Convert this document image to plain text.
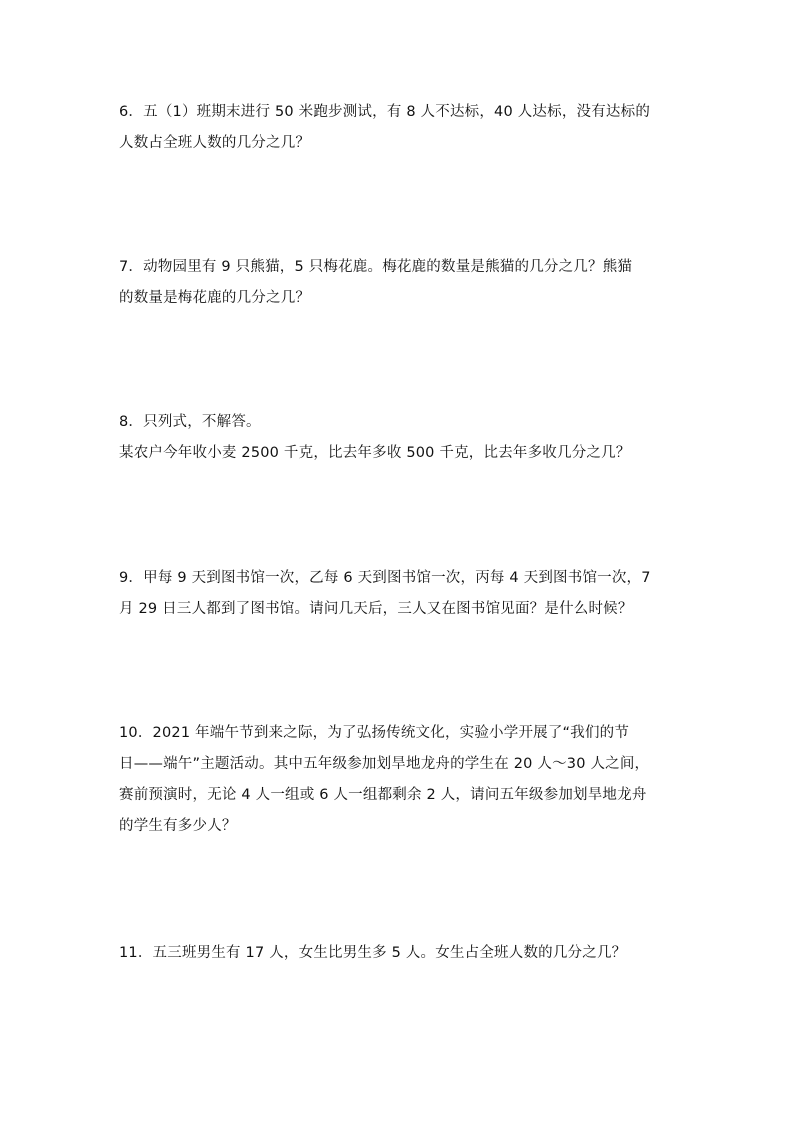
6．五（1）班期末进行 50 米跑步测试，有 8 人不达标，40 人达标，没有达标的
人数占全班人数的几分之几？
7．动物园里有 9 只熊猫，5 只梅花鹿。梅花鹿的数量是熊猫的几分之几？熊猫
的数量是梅花鹿的几分之几？
8．只列式，不解答。
某农户今年收小麦 2500 千克，比去年多收 500 千克，比去年多收几分之几？
9．甲每 9 天到图书馆一次，乙每 6 天到图书馆一次，丙每 4 天到图书馆一次，7
月 29 日三人都到了图书馆。请问几天后，三人又在图书馆见面？是什么时候？
10．2021 年端午节到来之际，为了弘扬传统文化，实验小学开展了“我们的节
日——端午”主题活动。其中五年级参加划旱地龙舟的学生在 20 人～30 人之间，
赛前预演时，无论 4 人一组或 6 人一组都剩余 2 人，请问五年级参加划旱地龙舟
的学生有多少人？
11．五三班男生有 17 人，女生比男生多 5 人。女生占全班人数的几分之几？
